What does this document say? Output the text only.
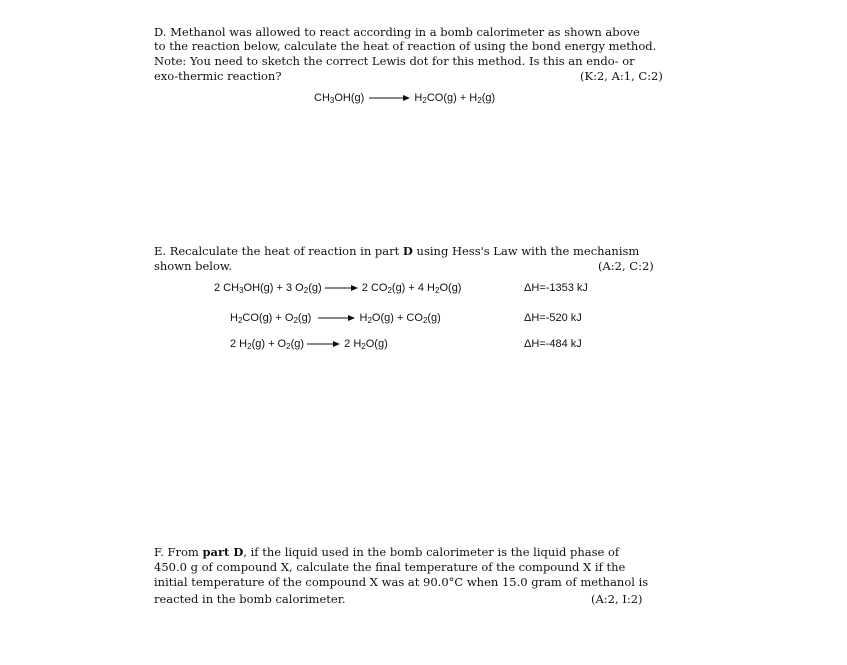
D. Methanol was allowed to react according in a bomb calorimeter as shown above
to the reaction below, calculate the heat of reaction of using the bond energy method.
Note: You need to sketch the correct Lewis dot for this method. Is this an endo- or
exo-thermic reaction?	(K:2, A:1, C:2)
$CH_3OH(g) \to H_2CO(g) + H_2(g)$
E. Recalculate the heat of reaction in part D using Hess's Law with the mechanism
shown below.	(A:2, C:2)
2 $CH_3OH(g) + 3$ $O_2(g) \to 2$ $CO_2(g) + 4$ $H_2O(g)$	ΔH=-1353 kJ
$H_2CO(g) + O_2(g) \to H_2O(g) + CO_2(g)$	ΔH=-520 kJ
2 $H_2(g) + O_2(g) \to 2$ $H_2O(g)$	ΔH=-484 kJ
F. From part D, if the liquid used in the bomb calorimeter is the liquid phase of
450.0 g of compound X, calculate the final temperature of the compound X if the
initial temperature of the compound X was at 90.0°C when 15.0 gram of methanol is
reacted in the bomb calorimeter.	(A:2, I:2)
